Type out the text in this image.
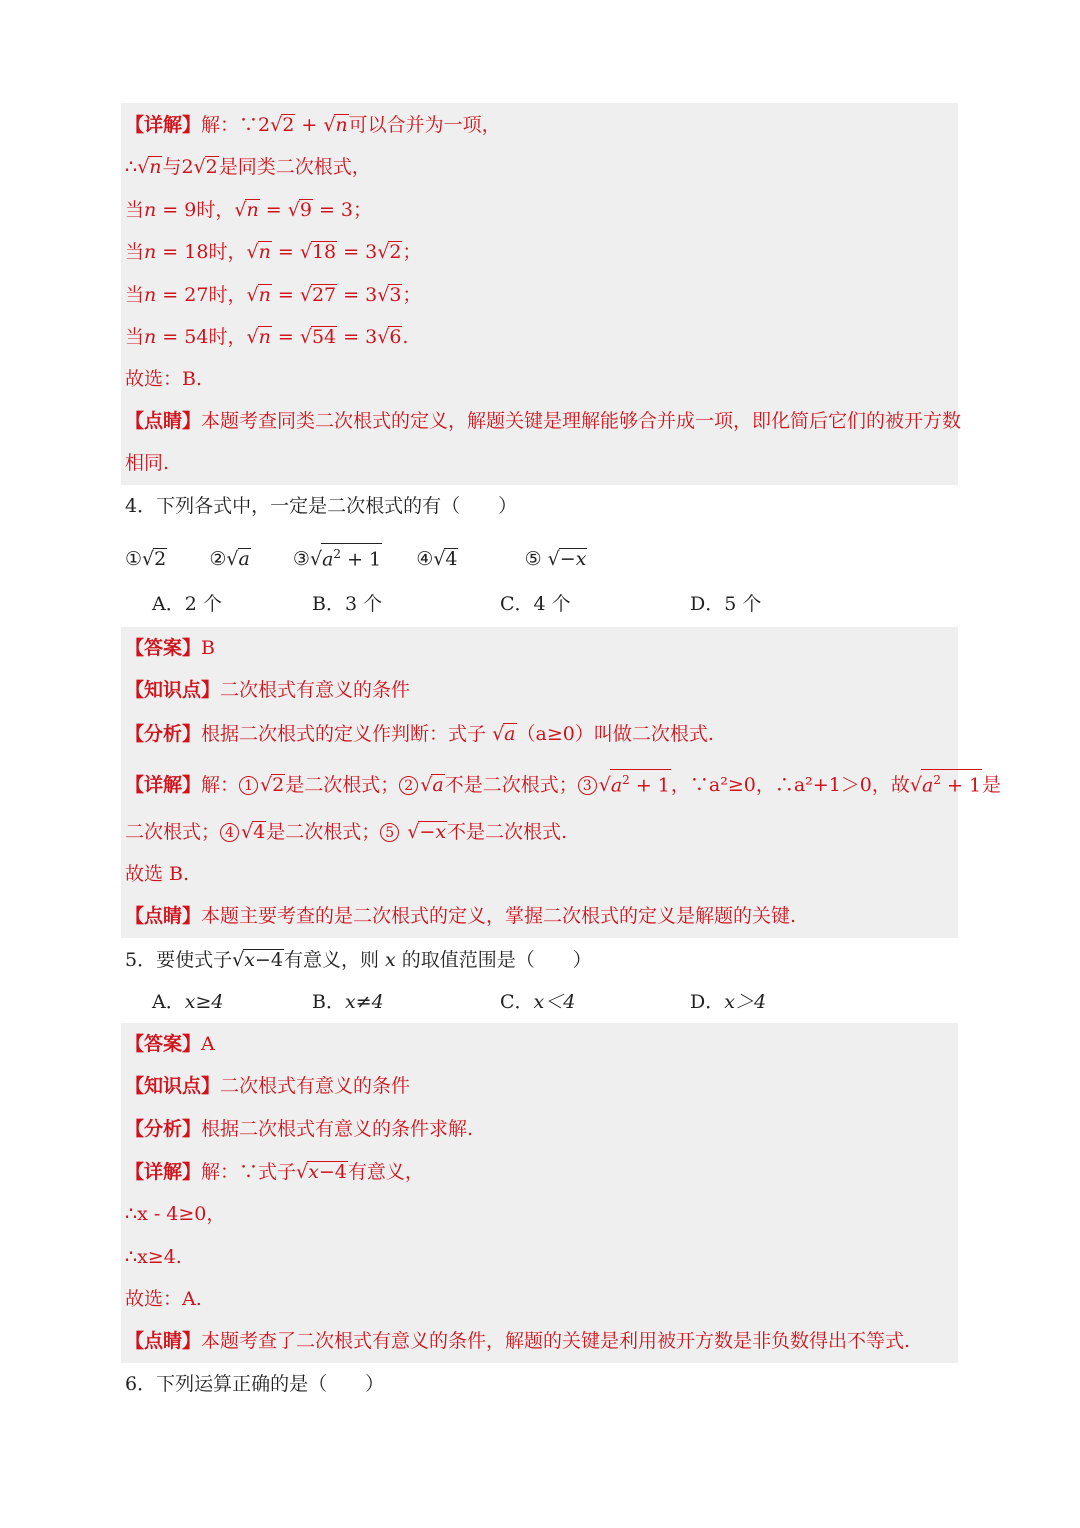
【详解】解：∵2√2 + √n可以合并为一项，
∴√n与2√2是同类二次根式，
当n = 9时，√n = √9 = 3；
当n = 18时，√n = √18 = 3√2；
当n = 27时，√n = √27 = 3√3；
当n = 54时，√n = √54 = 3√6.
故选：B.
【点睛】本题考查同类二次根式的定义，解题关键是理解能够合并成一项，即化简后它们的被开方数
相同.
4．下列各式中，一定是二次根式的有（　　）
①√2 ②√a $③√a^2 + 1$ ④√4	⑤ √−x
A．2 个	B．3 个	C．4 个	D．5 个
【答案】B
【知识点】二次根式有意义的条件
【分析】根据二次根式的定义作判断：式子 √a（a≥0）叫做二次根式.
【详解】解： 1 √2是二次根式； 2 √a不是二次根式； 3 $√a^2 + 1$，∵a²≥0，∴a²+1＞0，故$√a^2 + 1$是
二次根式； 4 √4是二次根式； 5 √−x不是二次根式.
故选 B.
【点睛】本题主要考查的是二次根式的定义，掌握二次根式的定义是解题的关键.
5．要使式子√x−4有意义，则 x 的取值范围是（　　）
A．x≥4	B．x≠4	C．x＜4	D．x＞4
【答案】A
【知识点】二次根式有意义的条件
【分析】根据二次根式有意义的条件求解.
【详解】解：∵式子√x−4有意义，
∴x - 4≥0，
∴x≥4.
故选：A.
【点睛】本题考查了二次根式有意义的条件，解题的关键是利用被开方数是非负数得出不等式.
6．下列运算正确的是（　　）
